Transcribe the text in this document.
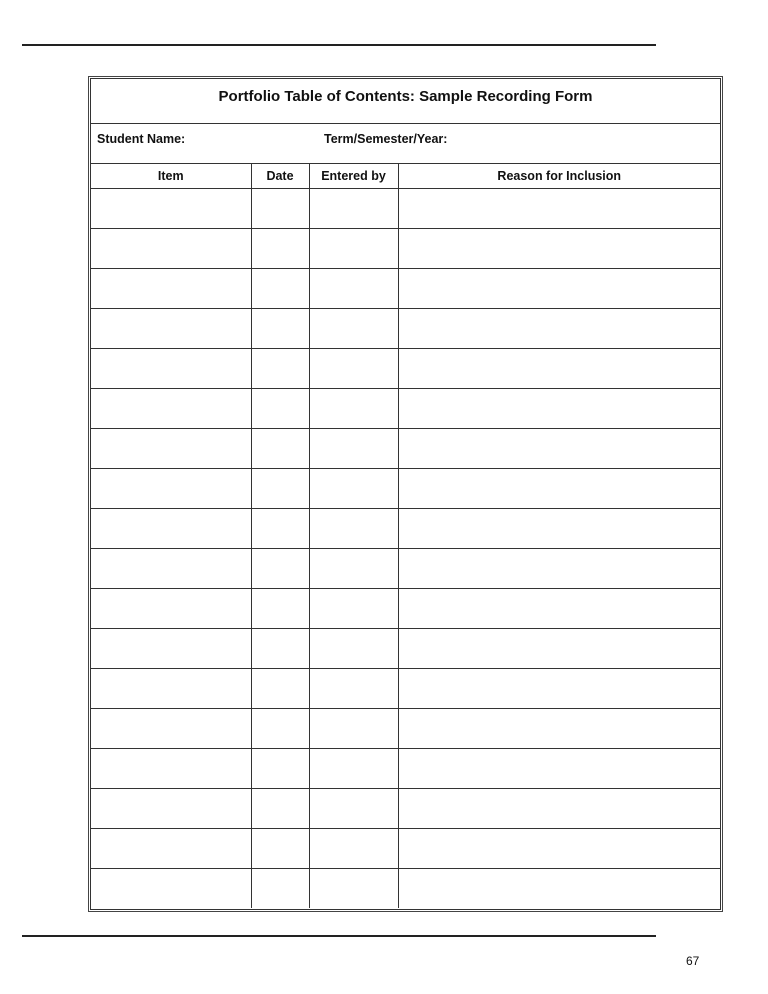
Portfolio Table of Contents: Sample Recording Form
Student Name:	Term/Semester/Year:
Item	Date	Entered by	Reason for Inclusion

67
